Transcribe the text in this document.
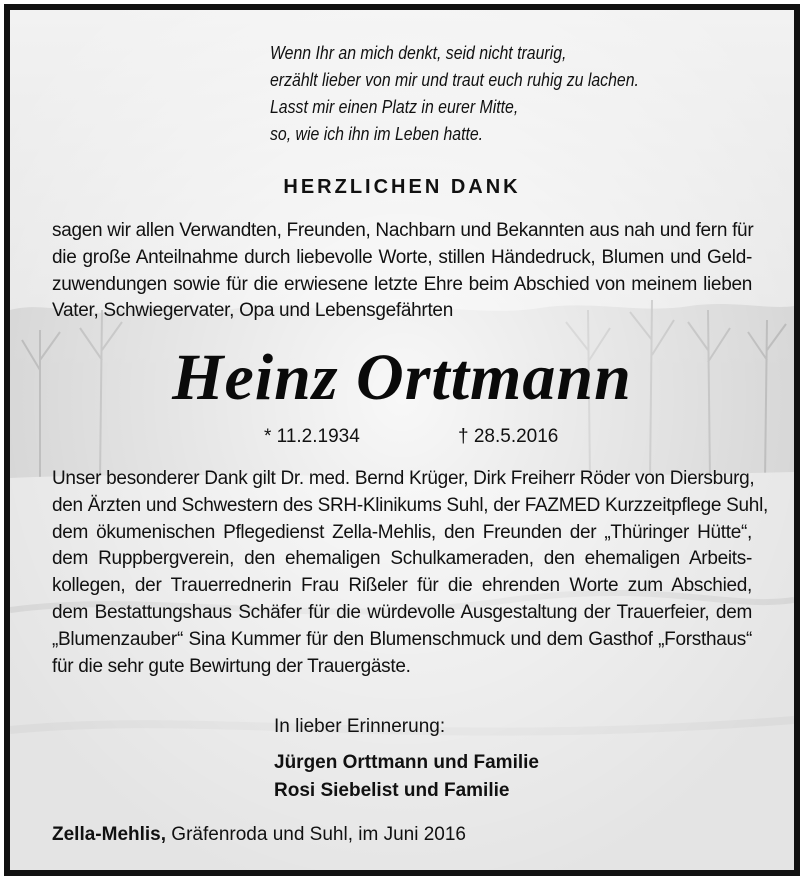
Wenn Ihr an mich denkt, seid nicht traurig,
erzählt lieber von mir und traut euch ruhig zu lachen.
Lasst mir einen Platz in eurer Mitte,
so, wie ich ihn im Leben hatte.
HERZLICHEN DANK
sagen wir allen Verwandten, Freunden, Nachbarn und Bekannten aus nah und fern für
die große Anteilnahme durch liebevolle Worte, stillen Händedruck, Blumen und Geld-
zuwendungen sowie für die erwiesene letzte Ehre beim Abschied von meinem lieben
Vater, Schwiegervater, Opa und Lebensgefährten
Heinz Orttmann
* 11.2.1934	† 28.5.2016
Unser besonderer Dank gilt Dr. med. Bernd Krüger, Dirk Freiherr Röder von Diersburg,
den Ärzten und Schwestern des SRH-Klinikums Suhl, der FAZMED Kurzzeitpflege Suhl,
dem ökumenischen Pflegedienst Zella-Mehlis, den Freunden der „Thüringer Hütte“,
dem Ruppbergverein, den ehemaligen Schulkameraden, den ehemaligen Arbeits-
kollegen, der Trauerrednerin Frau Rißeler für die ehrenden Worte zum Abschied,
dem Bestattungshaus Schäfer für die würdevolle Ausgestaltung der Trauerfeier, dem
„Blumenzauber“ Sina Kummer für den Blumenschmuck und dem Gasthof „Forsthaus“
für die sehr gute Bewirtung der Trauergäste.
In lieber Erinnerung:
Jürgen Orttmann und Familie
Rosi Siebelist und Familie
Zella-Mehlis, Gräfenroda und Suhl, im Juni 2016
